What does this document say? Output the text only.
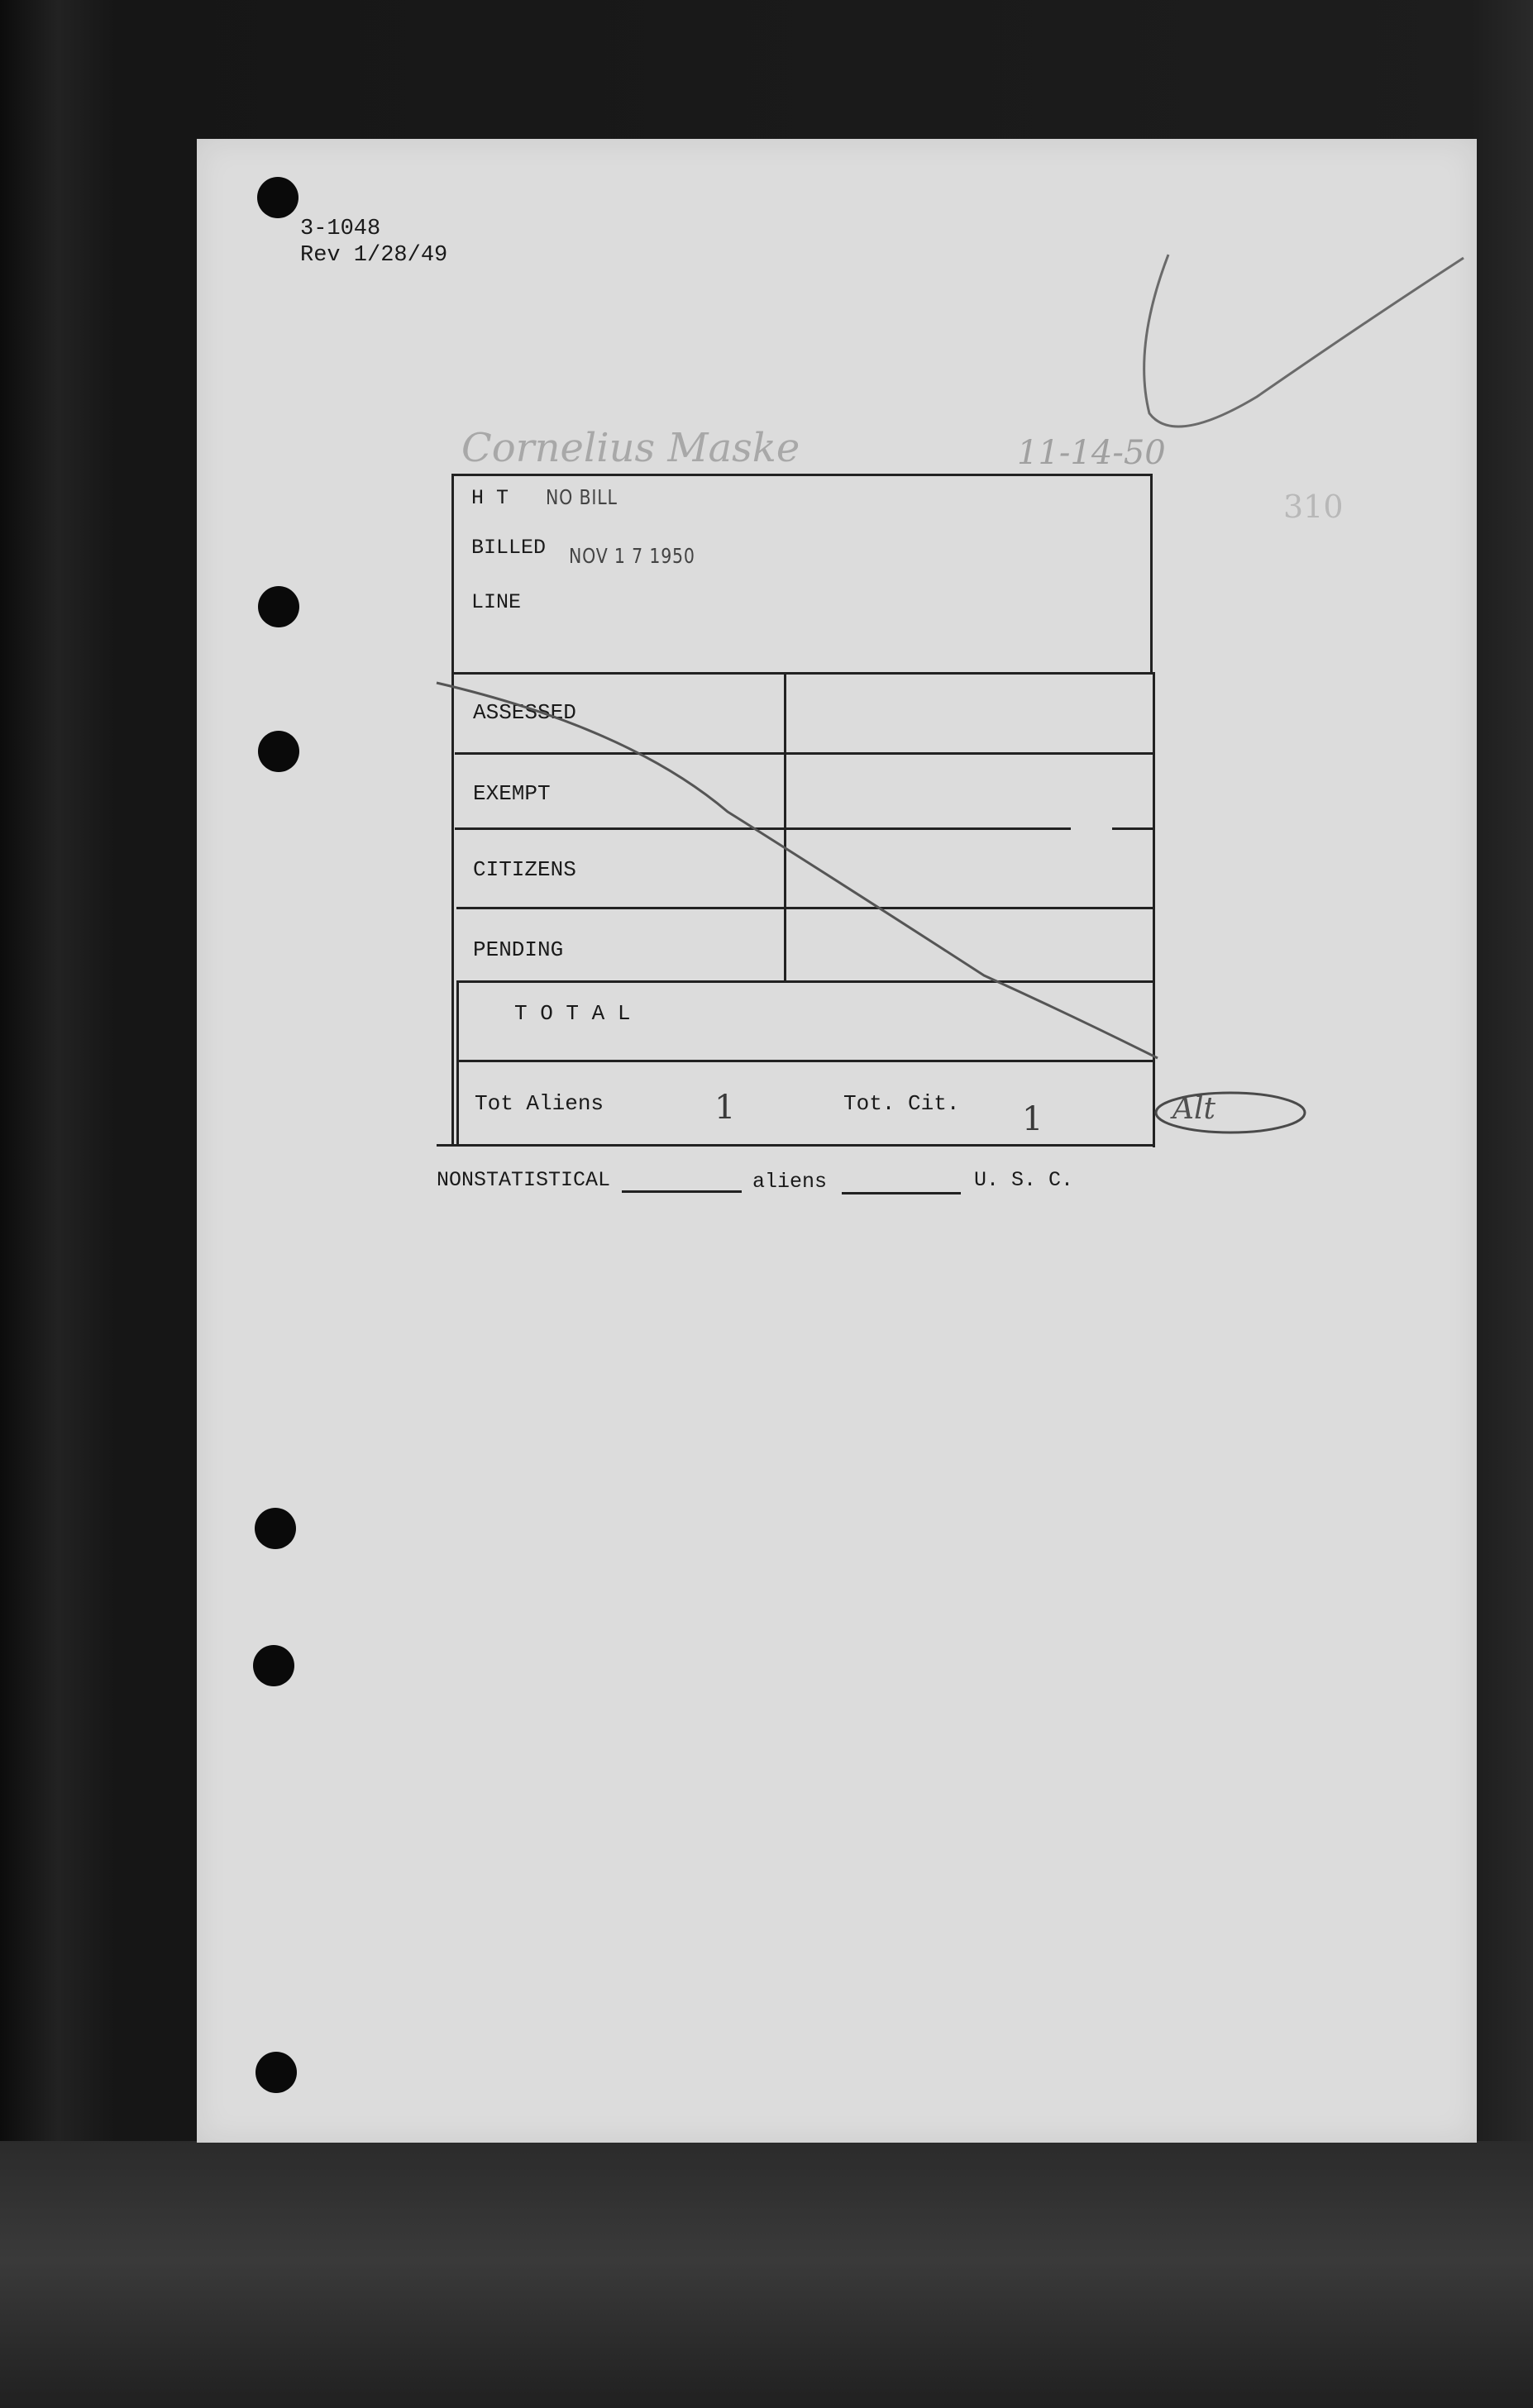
3-1048
Rev 1/28/49
Cornelius Maske	11-14-50
310
H T NO BILL
BILLED NOV 1 7 1950
LINE
ASSESSED
EXEMPT
CITIZENS
PENDING
T O T A L
Tot Aliens	1	Tot. Cit. 1	Alt
NONSTATISTICAL	aliens	U. S. C.
